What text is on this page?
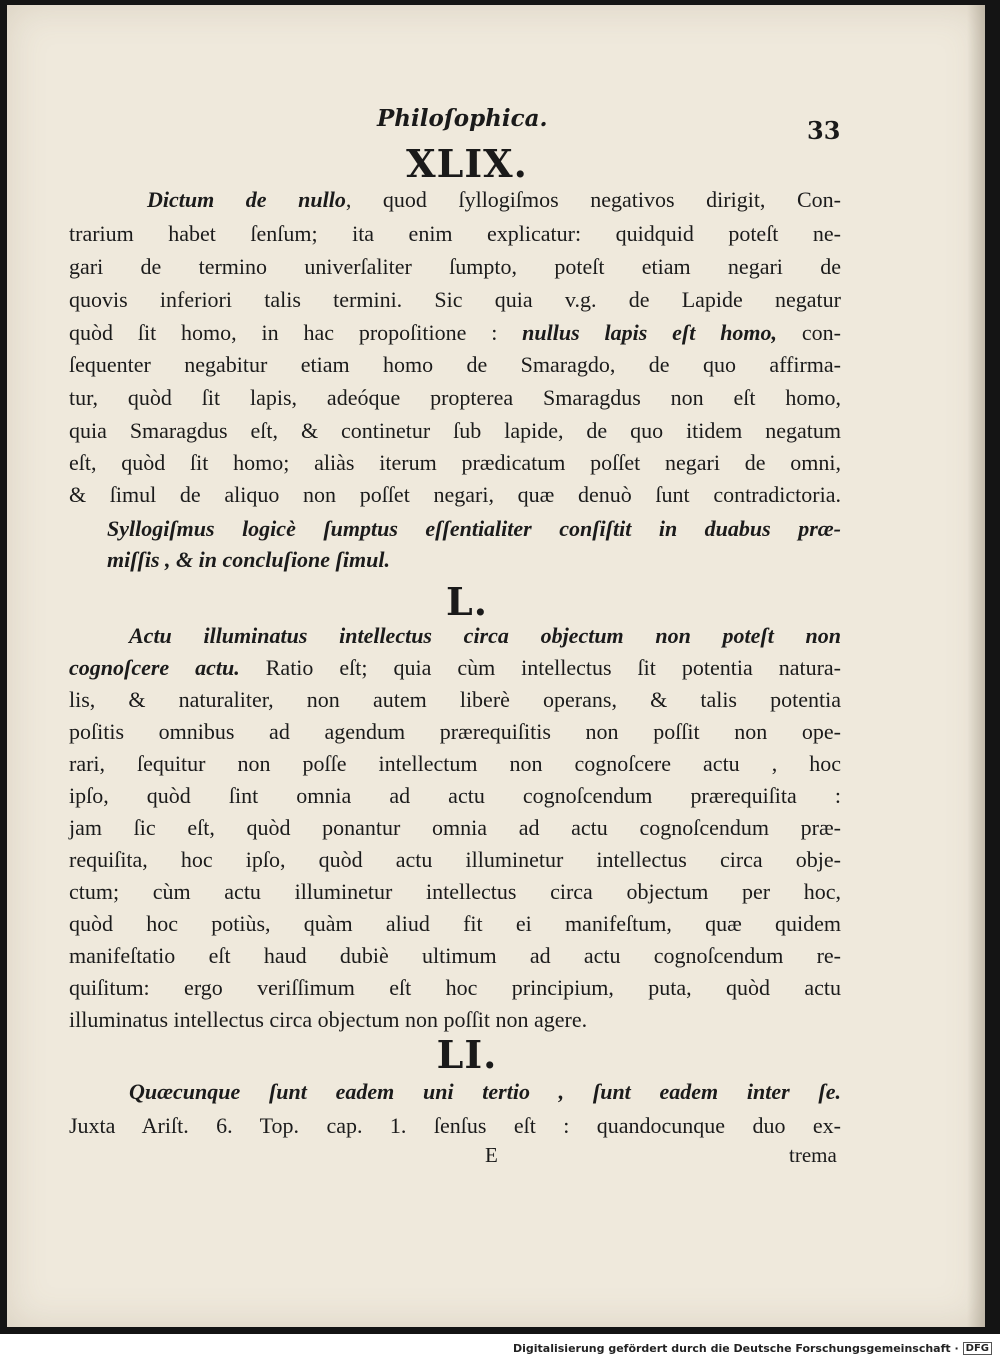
Philoſophica.	33
XLIX.
Dictum de nullo, quod ſyllogiſmos negativos dirigit, Con-
trarium habet ſenſum; ita enim explicatur: quidquid poteſt ne-
gari de termino univerſaliter ſumpto, poteſt etiam negari de
quovis inferiori talis termini. Sic quia v.g. de Lapide negatur
quòd ſit homo, in hac propoſitione : nullus lapis eſt homo, con-
ſequenter negabitur etiam homo de Smaragdo, de quo affirma-
tur, quòd ſit lapis, adeóque propterea Smaragdus non eſt homo,
quia Smaragdus eſt, & continetur ſub lapide, de quo itidem negatum
eſt, quòd ſit homo; aliàs iterum prædicatum poſſet negari de omni,
& ſimul de aliquo non poſſet negari, quæ denuò ſunt contradictoria.
Syllogiſmus logicè ſumptus eſſentialiter conſiſtit in duabus præ-
miſſis , & in concluſione ſimul.
L.
Actu illuminatus intellectus circa objectum non poteſt non
cognoſcere actu. Ratio eſt; quia cùm intellectus ſit potentia natura-
lis, & naturaliter, non autem liberè operans, & talis potentia
poſitis omnibus ad agendum prærequiſitis non poſſit non ope-
rari, ſequitur non poſſe intellectum non cognoſcere actu , hoc
ipſo, quòd ſint omnia ad actu cognoſcendum prærequiſita :
jam ſic eſt, quòd ponantur omnia ad actu cognoſcendum præ-
requiſita, hoc ipſo, quòd actu illuminetur intellectus circa obje-
ctum; cùm actu illuminetur intellectus circa objectum per hoc,
quòd hoc potiùs, quàm aliud fit ei manifeſtum, quæ quidem
manifeſtatio eſt haud dubiè ultimum ad actu cognoſcendum re-
quiſitum: ergo veriſſimum eſt hoc principium, puta, quòd actu
illuminatus intellectus circa objectum non poſſit non agere.
LI.
Quæcunque ſunt eadem uni tertio , ſunt eadem inter ſe.
Juxta Ariſt. 6. Top. cap. 1. ſenſus eſt : quandocunque duo ex-
E	trema
Digitalisierung gefördert durch die Deutsche Forschungsgemeinschaft · DFG
